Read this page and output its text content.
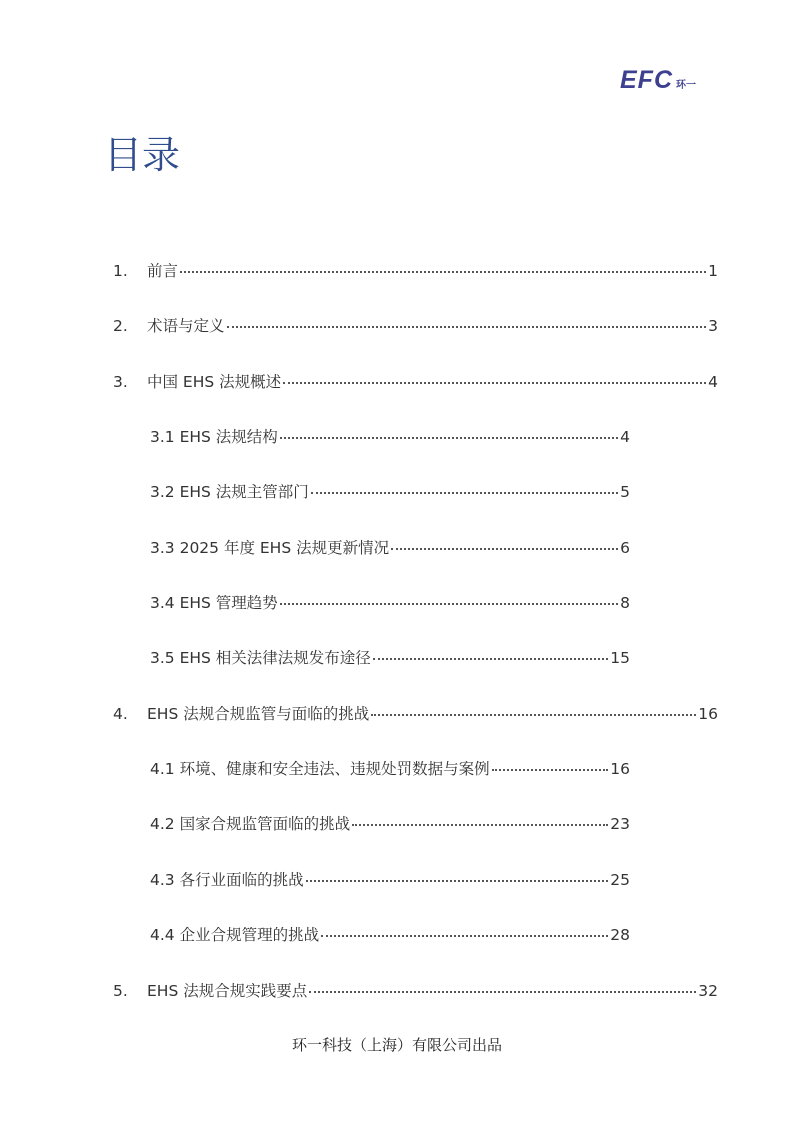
EFC 环一
目录
1.	前言	1
2.	术语与定义	3
3.	中国 EHS 法规概述	4
3.1 EHS 法规结构	4
3.2 EHS 法规主管部门	5
3.3 2025 年度 EHS 法规更新情况	6
3.4 EHS 管理趋势	8
3.5 EHS 相关法律法规发布途径	15
4.	EHS 法规合规监管与面临的挑战	16
4.1 环境、健康和安全违法、违规处罚数据与案例	16
4.2 国家合规监管面临的挑战	23
4.3 各行业面临的挑战	25
4.4 企业合规管理的挑战	28
5.	EHS 法规合规实践要点	32
环一科技（上海）有限公司出品
